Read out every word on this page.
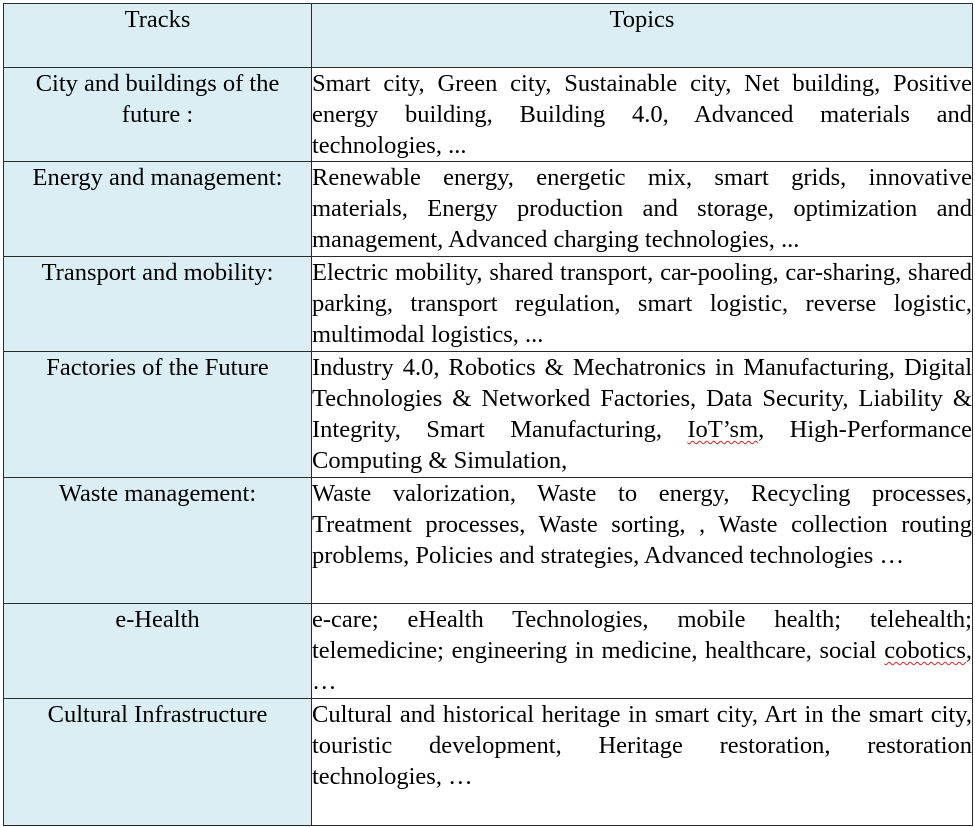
Tracks	Topics
City and buildings of the future :	Smart city, Green city, Sustainable city, Net building, Positive energy building, Building 4.0, Advanced materials and technologies, ...
Energy and management:	Renewable energy, energetic mix, smart grids, innovative materials, Energy production and storage, optimization and management, Advanced charging technologies, ...
Transport and mobility:	Electric mobility, shared transport, car-pooling, car-sharing, shared parking, transport regulation, smart logistic, reverse logistic, multimodal logistics, ...
Factories of the Future	Industry 4.0, Robotics & Mechatronics in Manufacturing, Digital Technologies & Networked Factories, Data Security, Liability & Integrity, Smart Manufacturing, IoT’sm, High-Performance Computing & Simulation,
Waste management:	Waste valorization, Waste to energy, Recycling processes, Treatment processes, Waste sorting, , Waste collection routing problems, Policies and strategies, Advanced technologies …
e-Health	e-care; eHealth Technologies, mobile health; telehealth; telemedicine; engineering in medicine, healthcare, social cobotics, …
Cultural Infrastructure	Cultural and historical heritage in smart city, Art in the smart city, touristic development, Heritage restoration, restoration technologies, …
